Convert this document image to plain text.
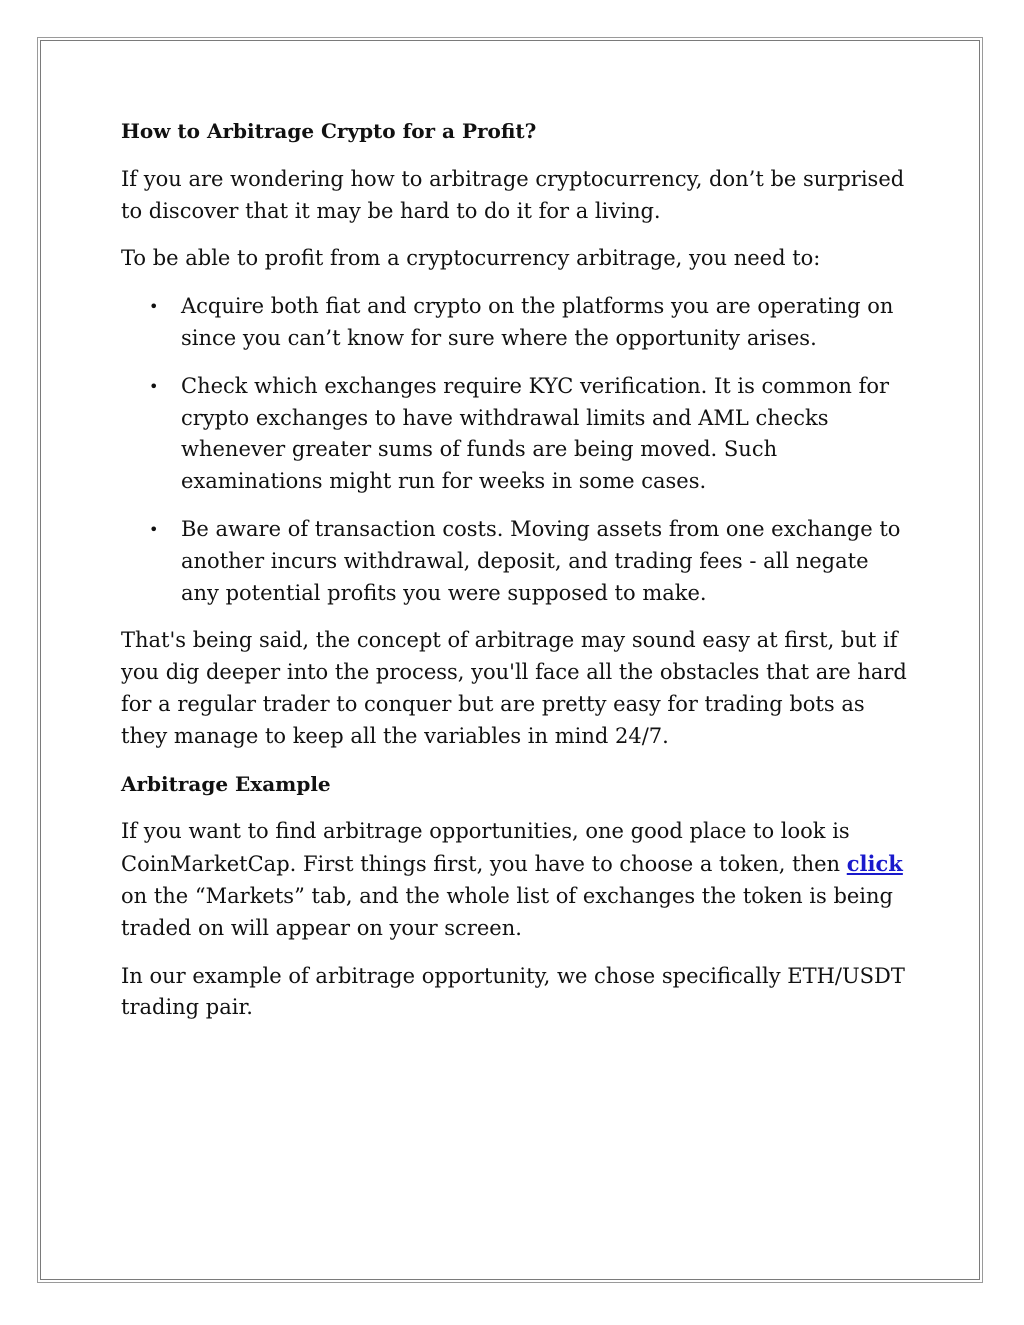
How to Arbitrage Crypto for a Profit?

If you are wondering how to arbitrage cryptocurrency, don’t be surprised to discover that it may be hard to do it for a living.

To be able to profit from a cryptocurrency arbitrage, you need to:

• Acquire both fiat and crypto on the platforms you are operating on since you can’t know for sure where the opportunity arises.
• Check which exchanges require KYC verification. It is common for crypto exchanges to have withdrawal limits and AML checks whenever greater sums of funds are being moved. Such examinations might run for weeks in some cases.
• Be aware of transaction costs. Moving assets from one exchange to another incurs withdrawal, deposit, and trading fees - all negate any potential profits you were supposed to make.

That's being said, the concept of arbitrage may sound easy at first, but if you dig deeper into the process, you'll face all the obstacles that are hard for a regular trader to conquer but are pretty easy for trading bots as they manage to keep all the variables in mind 24/7.

Arbitrage Example

If you want to find arbitrage opportunities, one good place to look is CoinMarketCap. First things first, you have to choose a token, then click on the “Markets” tab, and the whole list of exchanges the token is being traded on will appear on your screen.

In our example of arbitrage opportunity, we chose specifically ETH/USDT trading pair.
